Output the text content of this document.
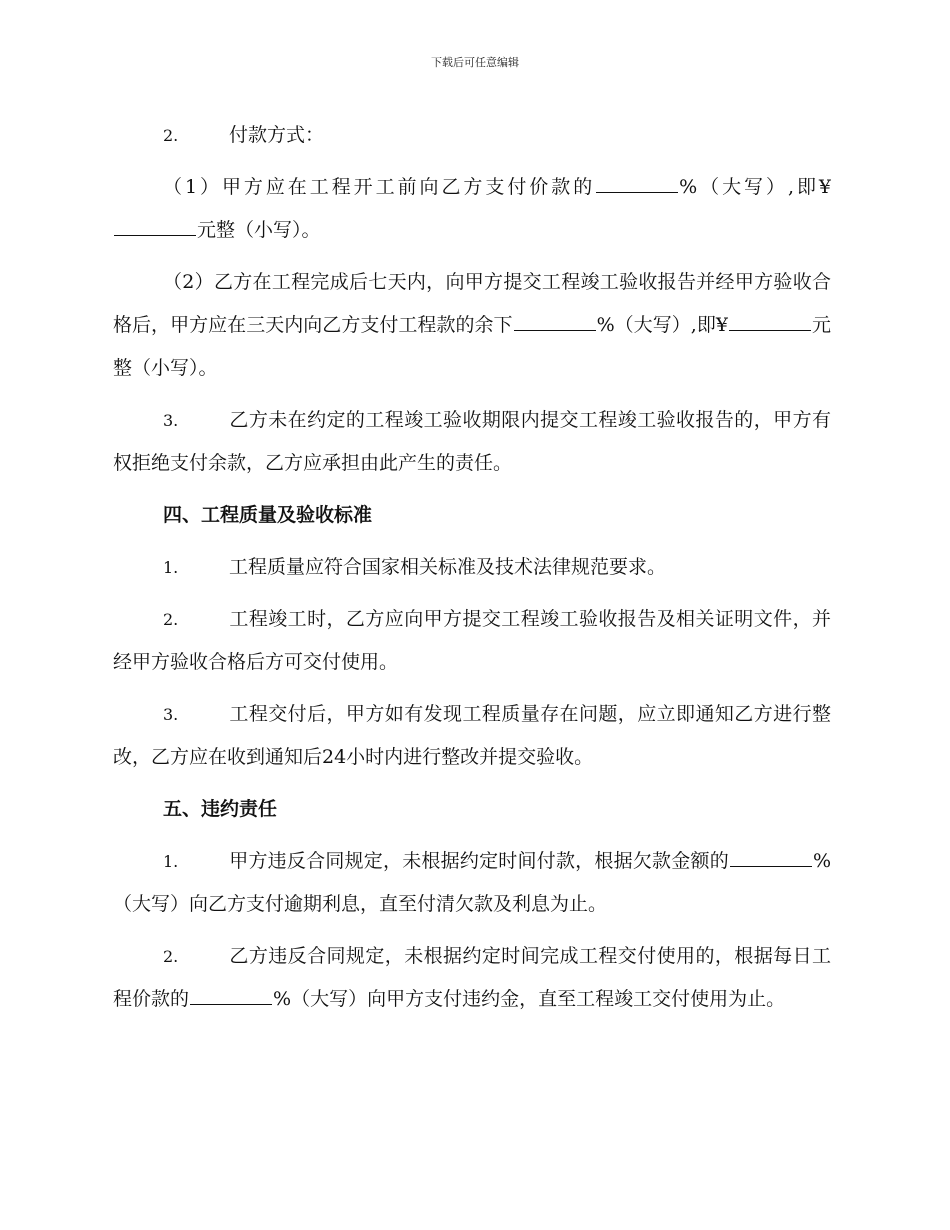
下载后可任意编辑

2.	付款方式：

（1）甲方应在工程开工前向乙方支付价款的	%（大写）,即¥元整（小写）。

（2）乙方在工程完成后七天内，向甲方提交工程竣工验收报告并经甲方验收合格后，甲方应在三天内向乙方支付工程款的余下	%（大写）,即¥	元整（小写）。

3.	乙方未在约定的工程竣工验收期限内提交工程竣工验收报告的，甲方有权拒绝支付余款，乙方应承担由此产生的责任。

四、工程质量及验收标准

1.	工程质量应符合国家相关标准及技术法律规范要求。

2.	工程竣工时，乙方应向甲方提交工程竣工验收报告及相关证明文件，并经甲方验收合格后方可交付使用。

3.	工程交付后，甲方如有发现工程质量存在问题，应立即通知乙方进行整改，乙方应在收到通知后24小时内进行整改并提交验收。

五、违约责任

1.	甲方违反合同规定，未根据约定时间付款，根据欠款金额的	%（大写）向乙方支付逾期利息，直至付清欠款及利息为止。

2.	乙方违反合同规定，未根据约定时间完成工程交付使用的，根据每日工程价款的	%（大写）向甲方支付违约金，直至工程竣工交付使用为止。
